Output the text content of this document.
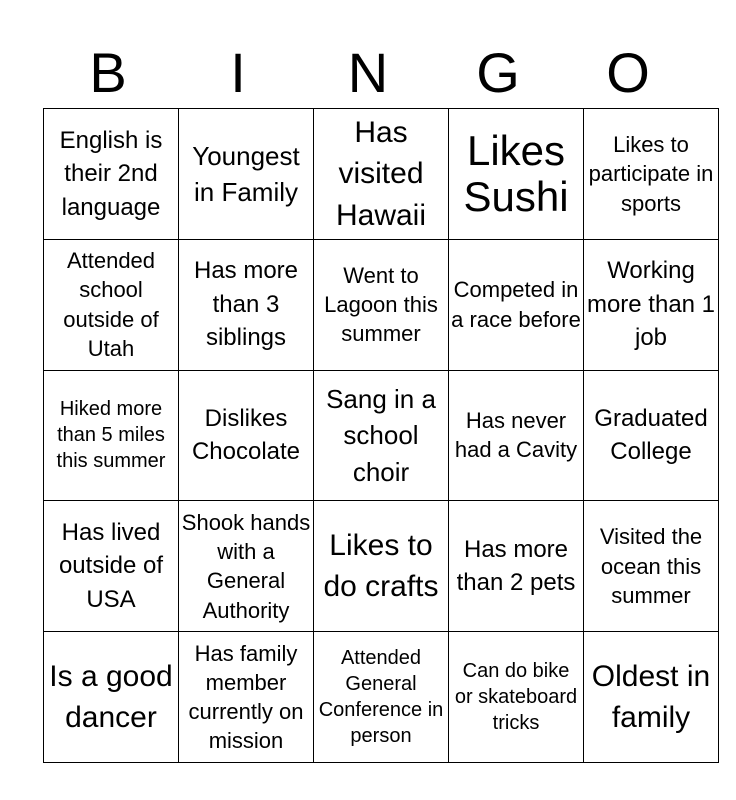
B	I	N	G	O
English is their 2nd language	Youngest in Family	Has visited Hawaii	Likes Sushi	Likes to participate in sports
Attended school outside of Utah	Has more than 3 siblings	Went to Lagoon this summer	Competed in a race before	Working more than 1 job
Hiked more than 5 miles this summer	Dislikes Chocolate	Sang in a school choir	Has never had a Cavity	Graduated College
Has lived outside of USA	Shook hands with a General Authority	Likes to do crafts	Has more than 2 pets	Visited the ocean this summer
Is a good dancer	Has family member currently on mission	Attended General Conference in person	Can do bike or skateboard tricks	Oldest in family
